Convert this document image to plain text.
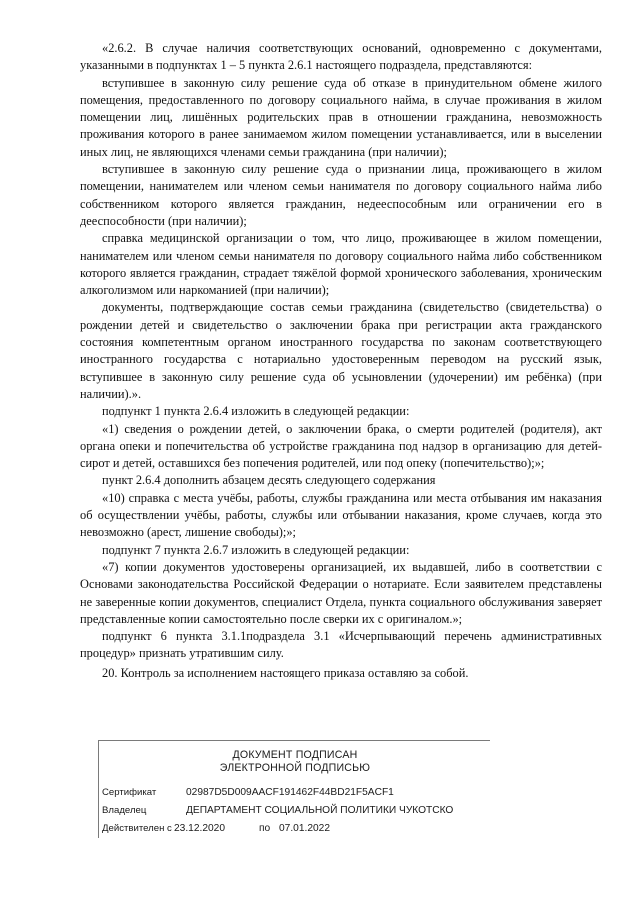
«2.6.2. В случае наличия соответствующих оснований, одновременно с документами, указанными в подпунктах 1 – 5 пункта 2.6.1 настоящего подраздела, представляются:

вступившее в законную силу решение суда об отказе в принудительном обмене жилого помещения, предоставленного по договору социального найма, в случае проживания в жилом помещении лиц, лишённых родительских прав в отношении гражданина, невозможность проживания которого в ранее занимаемом жилом помещении устанавливается, или в выселении иных лиц, не являющихся членами семьи гражданина (при наличии);

вступившее в законную силу решение суда о признании лица, проживающего в жилом помещении, нанимателем или членом семьи нанимателя по договору социального найма либо собственником которого является гражданин, недееспособным или ограничении его в дееспособности (при наличии);

справка медицинской организации о том, что лицо, проживающее в жилом помещении, нанимателем или членом семьи нанимателя по договору социального найма либо собственником которого является гражданин, страдает тяжёлой формой хронического заболевания, хроническим алкоголизмом или наркоманией (при наличии);

документы, подтверждающие состав семьи гражданина (свидетельство (свидетельства) о рождении детей и свидетельство о заключении брака при регистрации акта гражданского состояния компетентным органом иностранного государства по законам соответствующего иностранного государства с нотариально удостоверенным переводом на русский язык, вступившее в законную силу решение суда об усыновлении (удочерении) им ребёнка) (при наличии).».

подпункт 1 пункта 2.6.4 изложить в следующей редакции:

«1) сведения о рождении детей, о заключении брака, о смерти родителей (родителя), акт органа опеки и попечительства об устройстве гражданина под надзор в организацию для детей-сирот и детей, оставшихся без попечения родителей, или под опеку (попечительство);»;

пункт 2.6.4 дополнить абзацем десять следующего содержания

«10) справка с места учёбы, работы, службы гражданина или места отбывания им наказания об осуществлении учёбы, работы, службы или отбывании наказания, кроме случаев, когда это невозможно (арест, лишение свободы);»;

подпункт 7 пункта 2.6.7 изложить в следующей редакции:

«7) копии документов удостоверены организацией, их выдавшей, либо в соответствии с Основами законодательства Российской Федерации о нотариате. Если заявителем представлены не заверенные копии документов, специалист Отдела, пункта социального обслуживания заверяет представленные копии самостоятельно после сверки их с оригиналом.»;

подпункт 6 пункта 3.1.1подраздела 3.1 «Исчерпывающий перечень административных процедур» признать утратившим силу.

20. Контроль за исполнением настоящего приказа оставляю за собой.

ДОКУМЕНТ ПОДПИСАН
ЭЛЕКТРОННОЙ ПОДПИСЬЮ
Сертификат	02987D5D009AACF191462F44BD21F5ACF1
Владелец	ДЕПАРТАМЕНТ СОЦИАЛЬНОЙ ПОЛИТИКИ ЧУКОТСКО
Действителен с 23.12.2020	по 07.01.2022
